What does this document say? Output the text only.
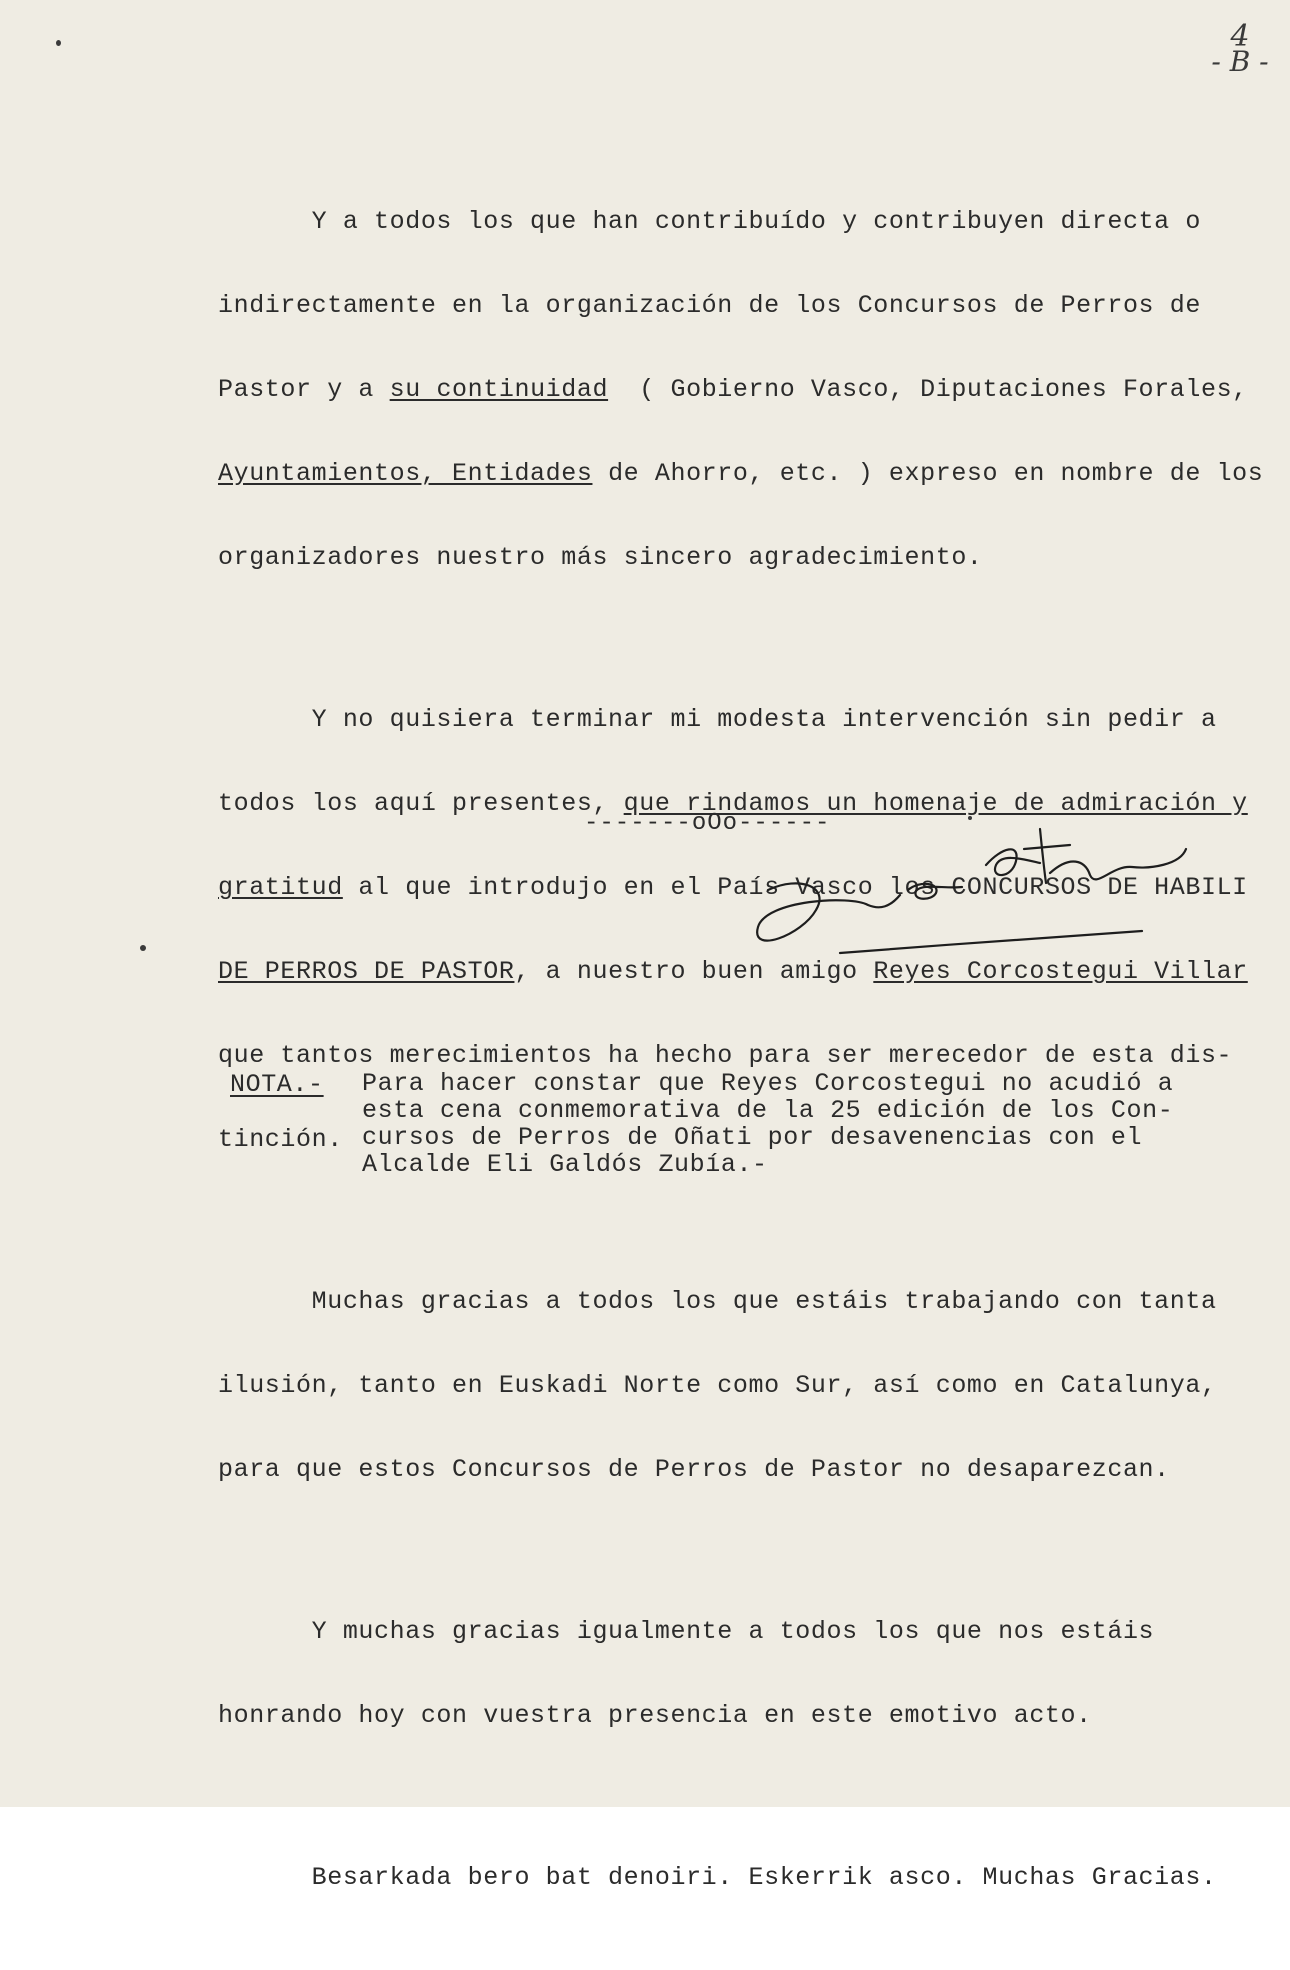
4
- B -

Y a todos los que han contribuído y contribuyen directa o

indirectamente en la organización de los Concursos de Perros de

Pastor y a su continuidad  ( Gobierno Vasco, Diputaciones Forales,

Ayuntamientos, Entidades de Ahorro, etc. ) expreso en nombre de los

organizadores nuestro más sincero agradecimiento.

Y no quisiera terminar mi modesta intervención sin pedir a

todos los aquí presentes, que rindamos un homenaje de admiración y

gratitud al que introdujo en el País Vasco los CONCURSOS DE HABILI

DE PERROS DE PASTOR, a nuestro buen amigo Reyes Corcostegui Villar

que tantos merecimientos ha hecho para ser merecedor de esta dis-

tinción.

Muchas gracias a todos los que estáis trabajando con tanta

ilusión, tanto en Euskadi Norte como Sur, así como en Catalunya,

para que estos Concursos de Perros de Pastor no desaparezcan.

Y muchas gracias igualmente a todos los que nos estáis

honrando hoy con vuestra presencia en este emotivo acto.

Besarkada bero bat denoiri. Eskerrik asco. Muchas Gracias.

-------oOo------
NOTA.- Para hacer constar que Reyes Corcostegui no acudió a
esta cena conmemorativa de la 25 edición de los Con-
cursos de Perros de Oñati por desavenencias con el
Alcalde Eli Galdós Zubía.-
